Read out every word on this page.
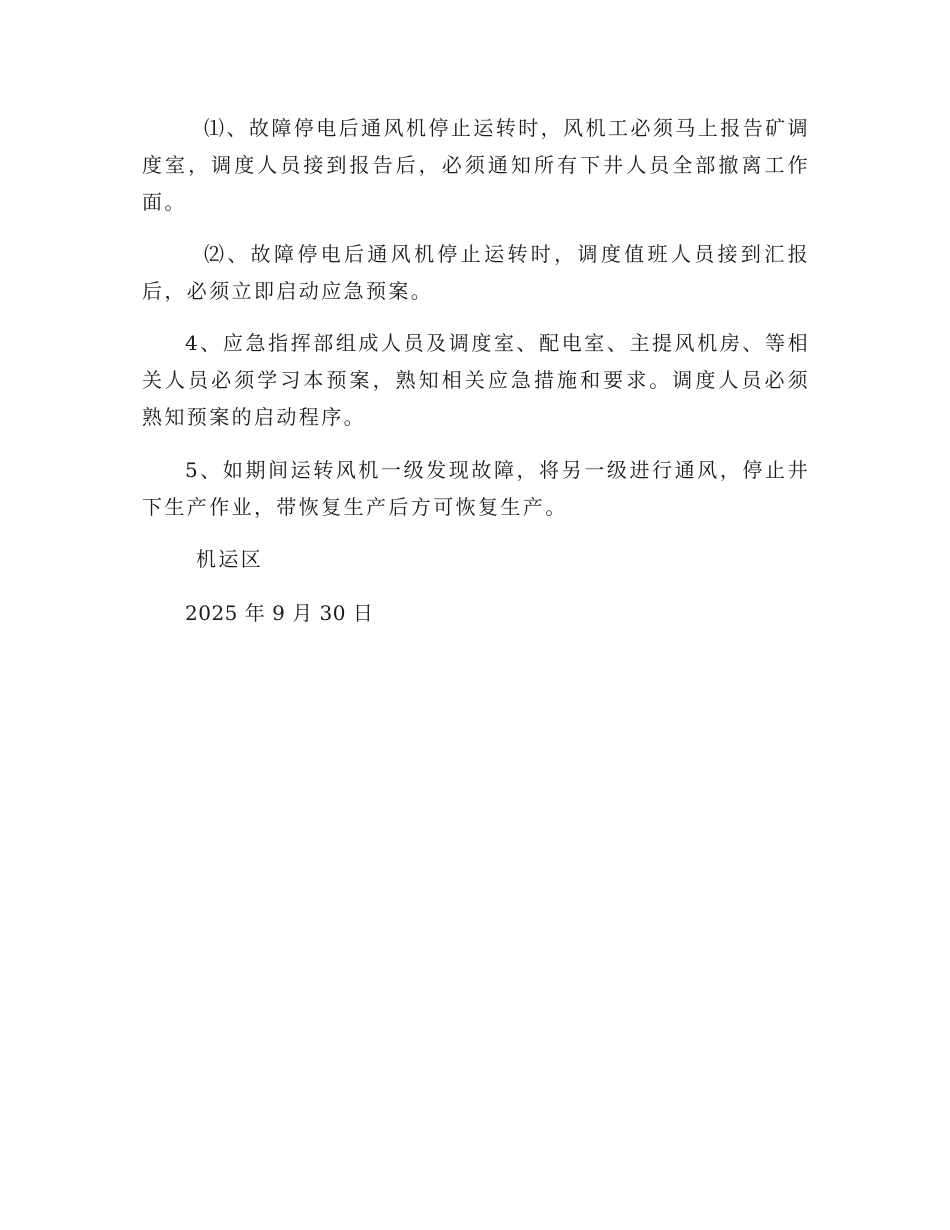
⑴、故障停电后通风机停止运转时，风机工必须马上报告矿调度室，调度人员接到报告后，必须通知所有下井人员全部撤离工作面。

⑵、故障停电后通风机停止运转时，调度值班人员接到汇报后，必须立即启动应急预案。

4、应急指挥部组成人员及调度室、配电室、主提风机房、等相关人员必须学习本预案，熟知相关应急措施和要求。调度人员必须熟知预案的启动程序。

5、如期间运转风机一级发现故障，将另一级进行通风，停止井下生产作业，带恢复生产后方可恢复生产。

机运区

2025 年 9 月 30 日
